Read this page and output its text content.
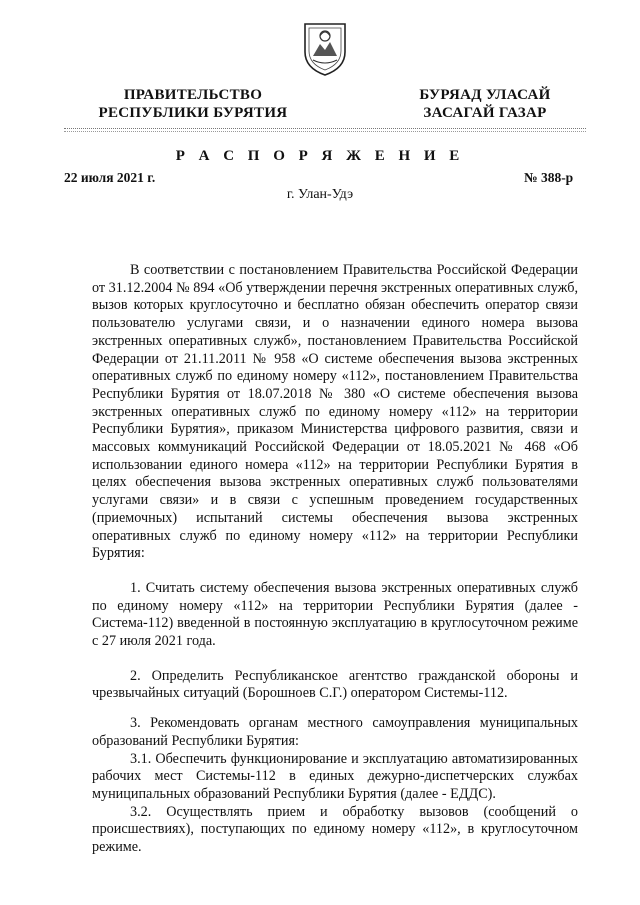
ПРАВИТЕЛЬСТВО
РЕСПУБЛИКИ БУРЯТИЯ
БУРЯАД УЛАСАЙ
ЗАСАГАЙ ГАЗАР
Р А С П О Р Я Ж Е Н И Е
22 июля 2021 г.	№ 388-р
г. Улан-Удэ

В соответствии с постановлением Правительства Российской Федерации от 31.12.2004 № 894 «Об утверждении перечня экстренных оперативных служб, вызов которых круглосуточно и бесплатно обязан обеспечить оператор связи пользователю услугами связи, и о назначении единого номера вызова экстренных оперативных служб», постановлением Правительства Российской Федерации от 21.11.2011 № 958 «О системе обеспечения вызова экстренных оперативных служб по единому номеру «112», постановлением Правительства Республики Бурятия от 18.07.2018 № 380 «О системе обеспечения вызова экстренных оперативных служб по единому номеру «112» на территории Республики Бурятия», приказом Министерства цифрового развития, связи и массовых коммуникаций Российской Федерации от 18.05.2021 № 468 «Об использовании единого номера «112» на территории Республики Бурятия в целях обеспечения вызова экстренных оперативных служб пользователями услугами связи» и в связи с успешным проведением государственных (приемочных) испытаний системы обеспечения вызова экстренных оперативных служб по единому номеру «112» на территории Республики Бурятия:

1. Считать систему обеспечения вызова экстренных оперативных служб по единому номеру «112» на территории Республики Бурятия (далее - Система-112) введенной в постоянную эксплуатацию в круглосуточном режиме с 27 июля 2021 года.

2. Определить Республиканское агентство гражданской обороны и чрезвычайных ситуаций (Борошноев С.Г.) оператором Системы-112.

3. Рекомендовать органам местного самоуправления муниципальных образований Республики Бурятия:

3.1. Обеспечить функционирование и эксплуатацию автоматизированных рабочих мест Системы-112 в единых дежурно-диспетчерских службах муниципальных образований Республики Бурятия (далее - ЕДДС).

3.2. Осуществлять прием и обработку вызовов (сообщений о происшествиях), поступающих по единому номеру «112», в круглосуточном режиме.
